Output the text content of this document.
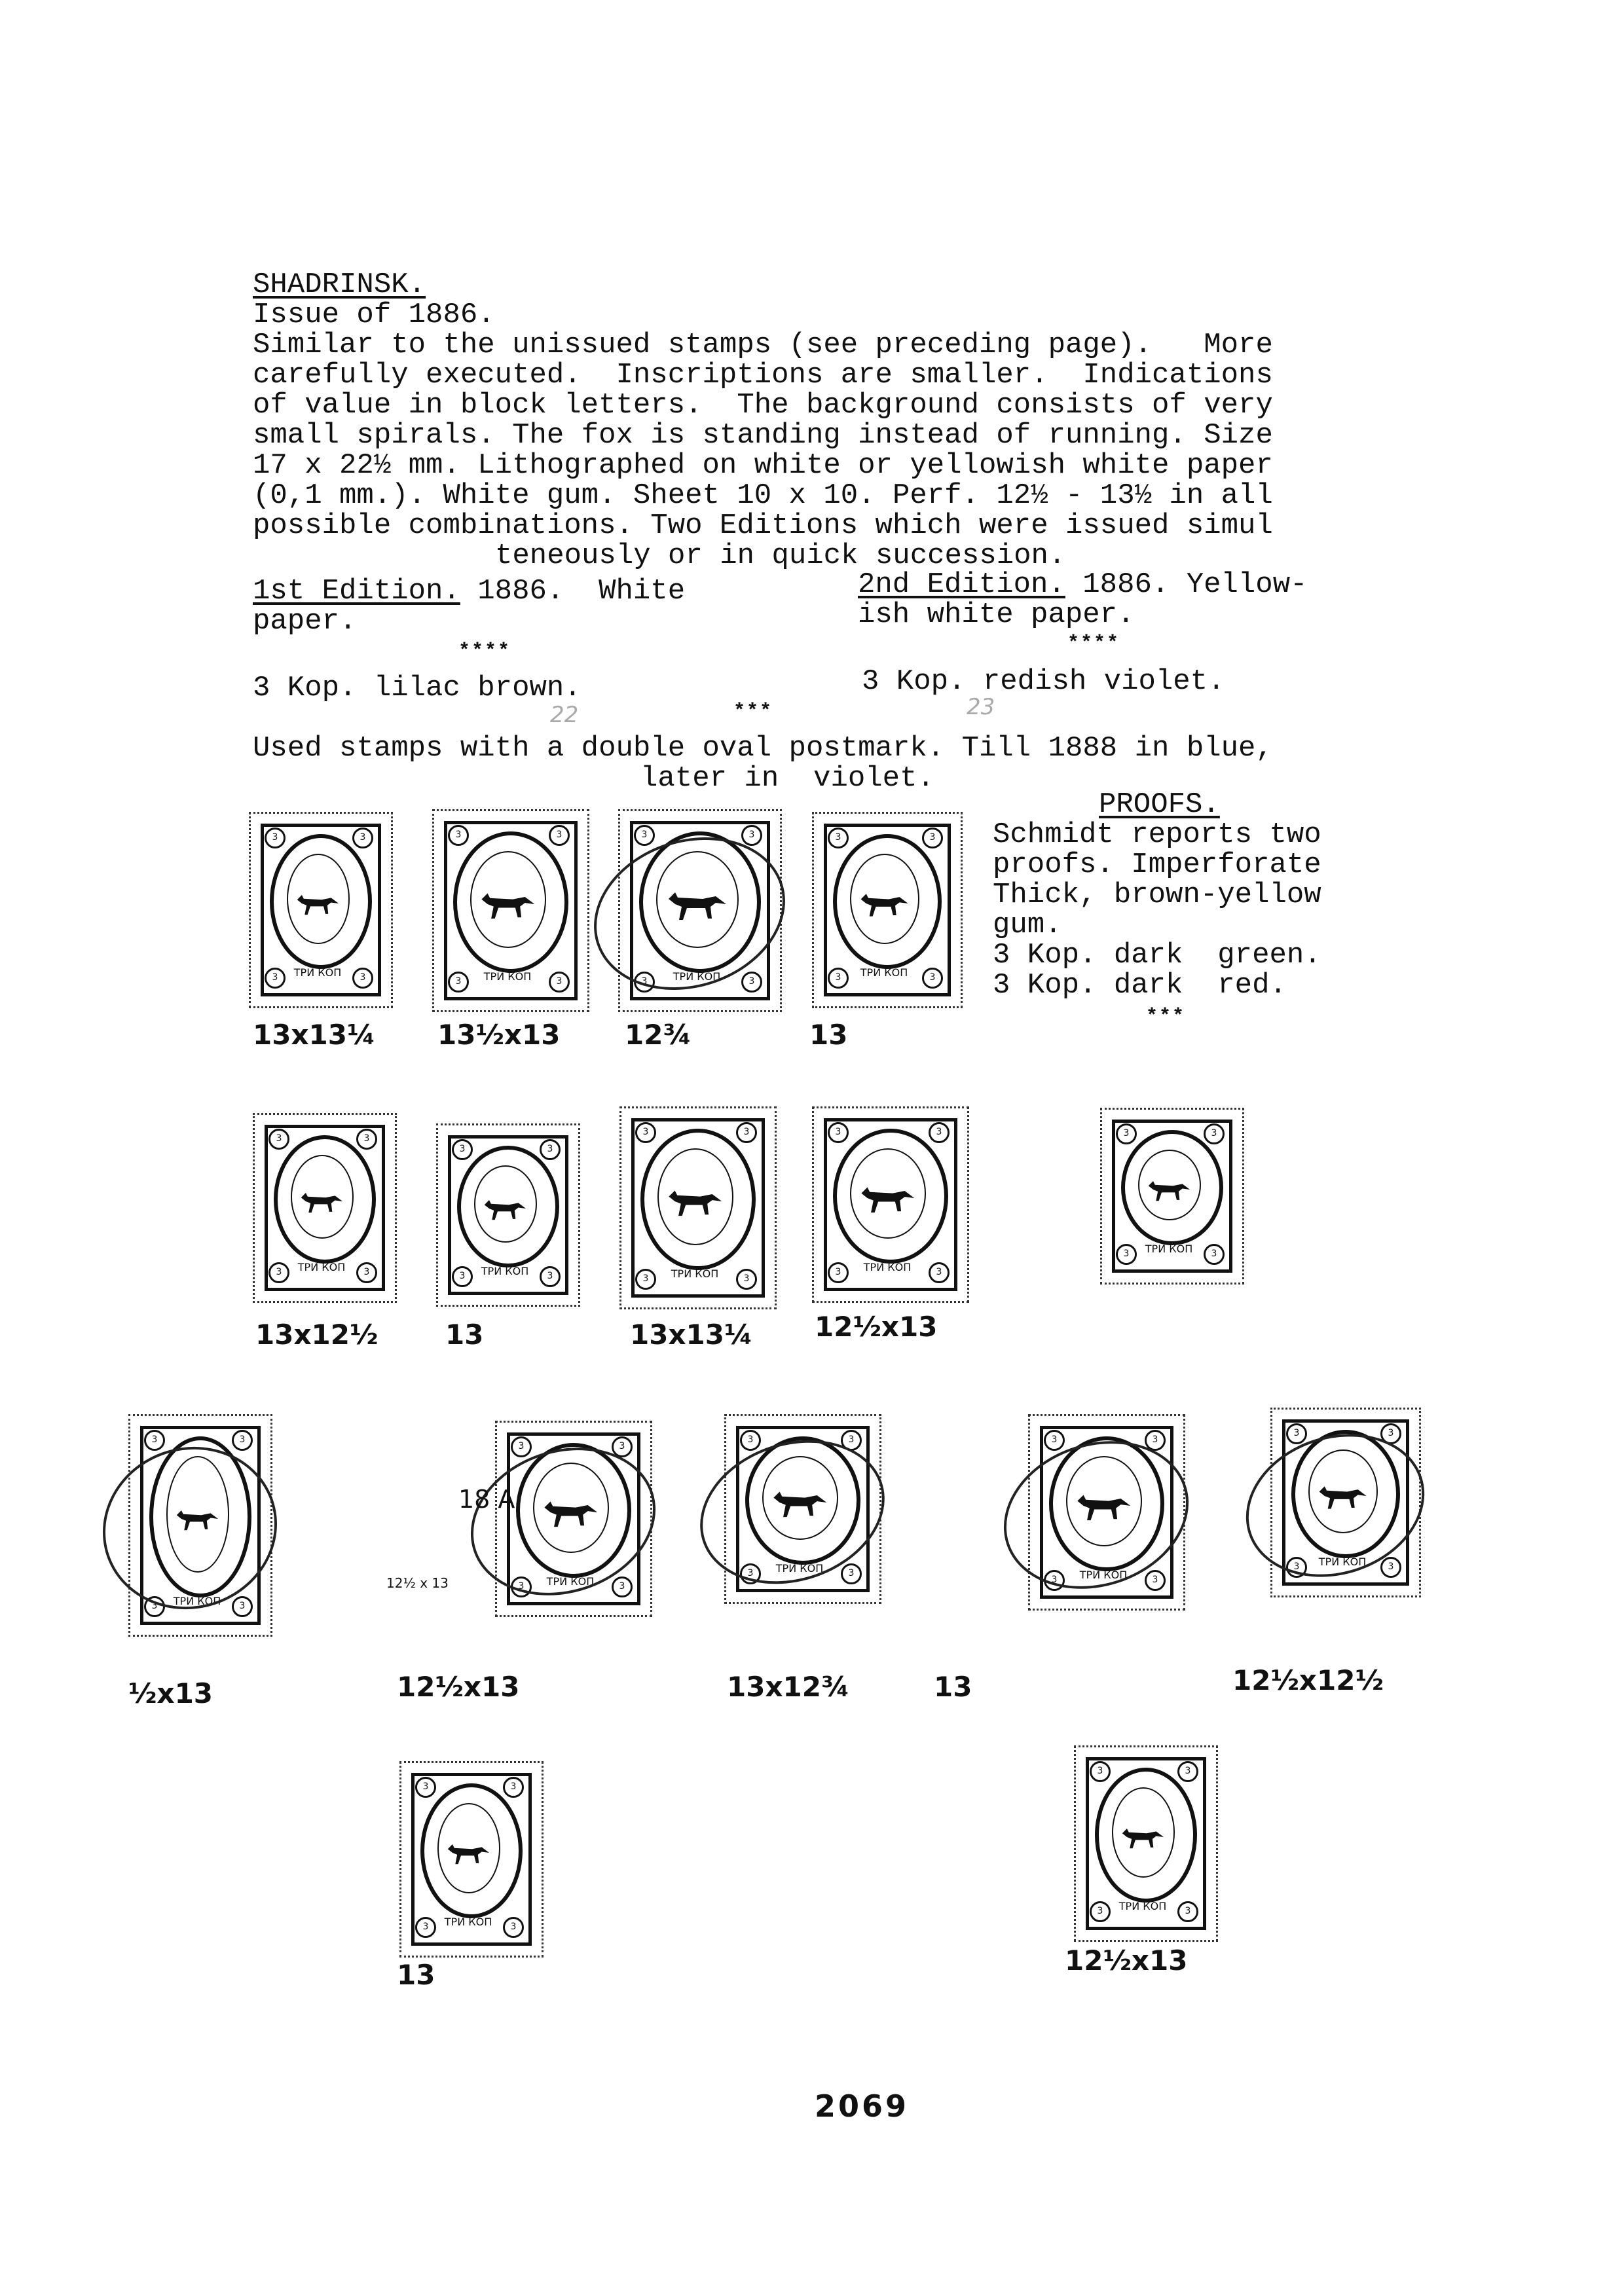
SHADRINSK.
Issue of 1886.
Similar to the unissued stamps (see preceding page).   More
carefully executed.  Inscriptions are smaller.  Indications
of value in block letters.  The background consists of very
small spirals. The fox is standing instead of running. Size
17 x 22½ mm. Lithographed on white or yellowish white paper
(0,1 mm.). White gum. Sheet 10 x 10. Perf. 12½ - 13½ in all
possible combinations. Two Editions which were issued simul
teneously or in quick succession.
1st Edition. 1886.  White
paper.
****
3 Kop. lilac brown.
2nd Edition. 1886. Yellow-
ish white paper.
****
3 Kop. redish violet.
***
22	23
Used stamps with a double oval postmark. Till 1888 in blue,
later in  violet.
PROOFS.
Schmidt reports two
proofs. Imperforate
Thick, brown-yellow
gum.
3 Kop. dark  green.
3 Kop. dark  red.
***
3	3
3	3
ТРИ КОП
3	3
3	3
ТРИ КОП
3	3
3	3
ТРИ КОП
3	3
3	3
ТРИ КОП
3	3
3	3
ТРИ КОП
3	3
3	3
ТРИ КОП
3	3
3	3
ТРИ КОП
3	3
3	3
ТРИ КОП
3	3
3	3
ТРИ КОП
3	3
3	3
ТРИ КОП
3	3
3	3
ТРИ КОП
3	3
3	3
ТРИ КОП
3	3
3	3
ТРИ КОП
3	3
3	3
ТРИ КОП
3	3
3	3
ТРИ КОП
3	3
3	3
ТРИ КОП
18 A
12½ x 13
13x13¼ 13½x13 12¾	13
13x12½ 13	13x13¼ 12½x13
½x13	12½x13	13x12¾	13	12½x12½
13	12½x13
2069
